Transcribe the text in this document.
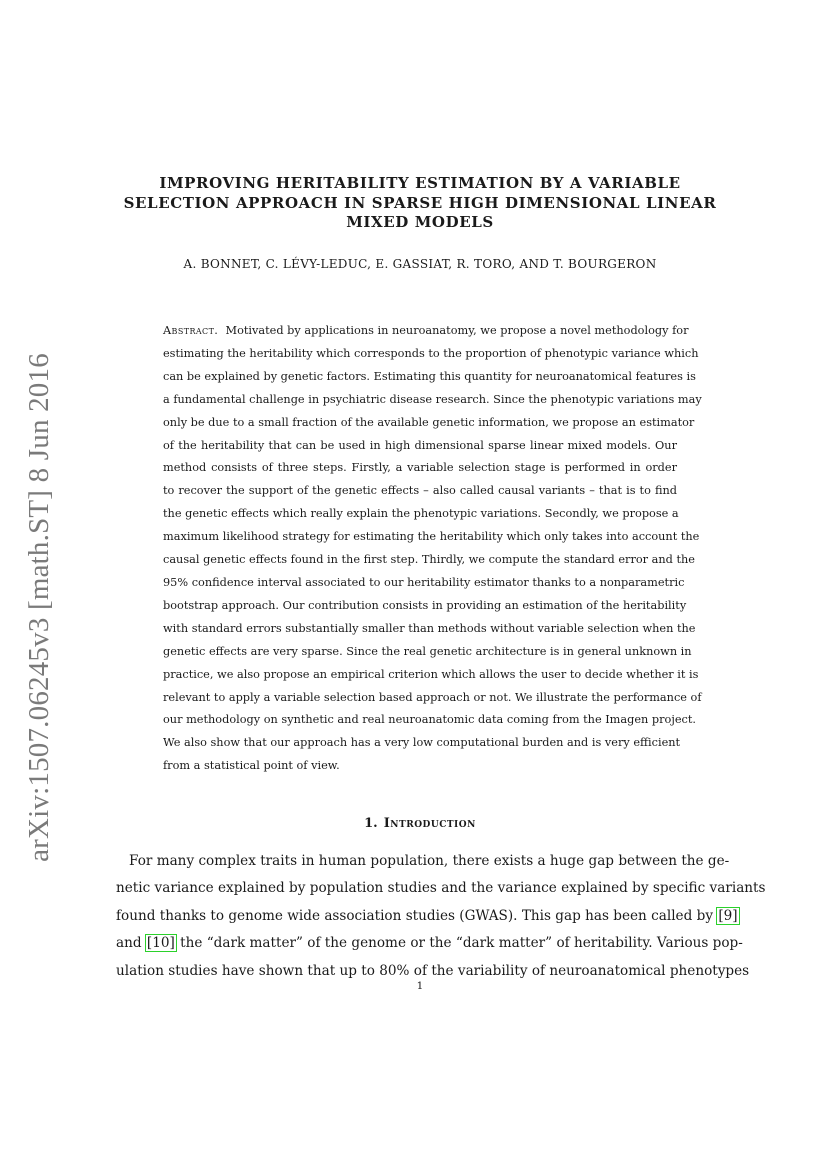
arXiv:1507.06245v3 [math.ST] 8 Jun 2016
IMPROVING HERITABILITY ESTIMATION BY A VARIABLE
SELECTION APPROACH IN SPARSE HIGH DIMENSIONAL LINEAR
MIXED MODELS

A. BONNET, C. LÉVY-LEDUC, E. GASSIAT, R. TORO, AND T. BOURGERON

Abstract. Motivated by applications in neuroanatomy, we propose a novel methodology for
estimating the heritability which corresponds to the proportion of phenotypic variance which
can be explained by genetic factors. Estimating this quantity for neuroanatomical features is
a fundamental challenge in psychiatric disease research. Since the phenotypic variations may
only be due to a small fraction of the available genetic information, we propose an estimator
of the heritability that can be used in high dimensional sparse linear mixed models. Our
method consists of three steps. Firstly, a variable selection stage is performed in order
to recover the support of the genetic effects – also called causal variants – that is to find
the genetic effects which really explain the phenotypic variations. Secondly, we propose a
maximum likelihood strategy for estimating the heritability which only takes into account the
causal genetic effects found in the first step. Thirdly, we compute the standard error and the
95% confidence interval associated to our heritability estimator thanks to a nonparametric
bootstrap approach. Our contribution consists in providing an estimation of the heritability
with standard errors substantially smaller than methods without variable selection when the
genetic effects are very sparse. Since the real genetic architecture is in general unknown in
practice, we also propose an empirical criterion which allows the user to decide whether it is
relevant to apply a variable selection based approach or not. We illustrate the performance of
our methodology on synthetic and real neuroanatomic data coming from the Imagen project.
We also show that our approach has a very low computational burden and is very efficient
from a statistical point of view.
1. Introduction
For many complex traits in human population, there exists a huge gap between the ge-
netic variance explained by population studies and the variance explained by specific variants
found thanks to genome wide association studies (GWAS). This gap has been called by [9]
and [10] the “dark matter” of the genome or the “dark matter” of heritability. Various pop-
ulation studies have shown that up to 80% of the variability of neuroanatomical phenotypes

1
